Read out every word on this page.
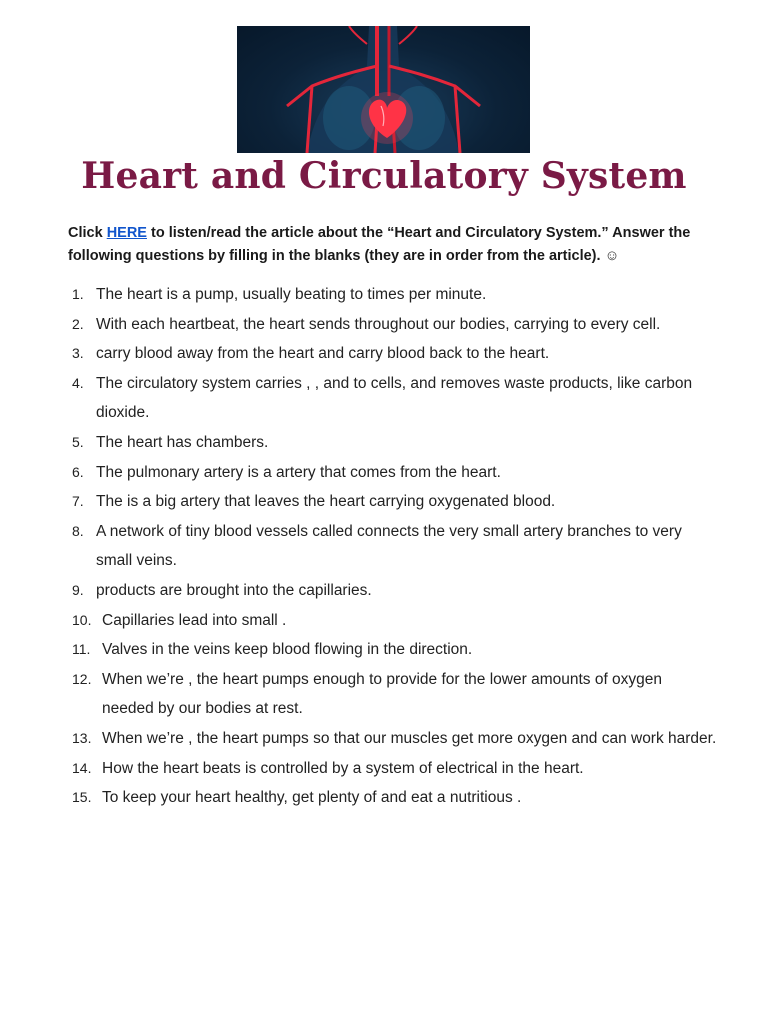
Heart and Circulatory System
Click HERE to listen/read the article about the “Heart and Circulatory System.” Answer the following questions by filling in the blanks (they are in order from the article). ☺
1. The heart is a pump, usually beating to times per minute.
2. With each heartbeat, the heart sends throughout our bodies, carrying to every cell.
3. carry blood away from the heart and carry blood back to the heart.
4. The circulatory system carries , , and to cells, and removes waste products, like carbon dioxide.
5. The heart has chambers.
6. The pulmonary artery is a artery that comes from the heart.
7. The is a big artery that leaves the heart carrying oxygenated blood.
8. A network of tiny blood vessels called connects the very small artery branches to very small veins.
9. products are brought into the capillaries.
10. Capillaries lead into small .
11. Valves in the veins keep blood flowing in the direction.
12. When we’re , the heart pumps enough to provide for the lower amounts of oxygen needed by our bodies at rest.
13. When we’re , the heart pumps so that our muscles get more oxygen and can work harder.
14. How the heart beats is controlled by a system of electrical in the heart.
15. To keep your heart healthy, get plenty of and eat a nutritious .
